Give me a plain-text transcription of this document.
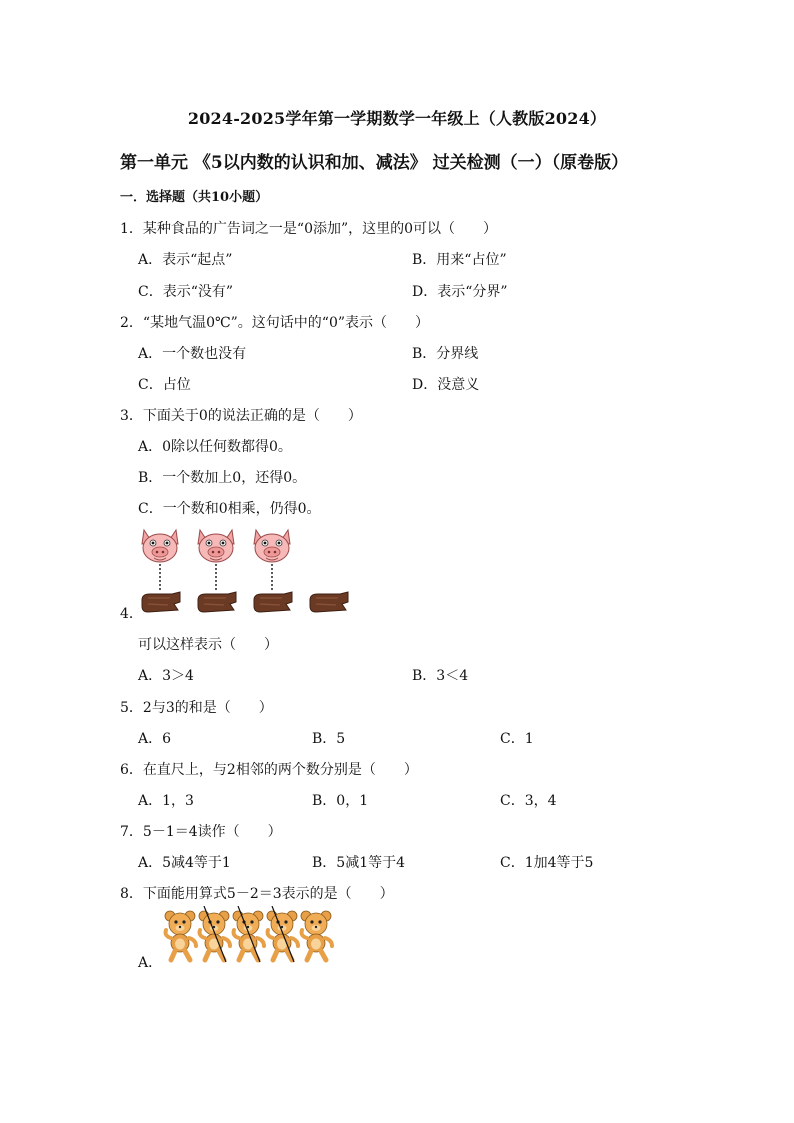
2024-2025学年第一学期数学一年级上（人教版2024）
第一单元 《5以内数的认识和加、减法》 过关检测（一）（原卷版）
一．选择题（共10小题）
1．某种食品的广告词之一是“0添加”，这里的0可以（　　）
A．表示“起点”	B．用来“占位”
C．表示“没有”	D．表示“分界”
2．“某地气温0℃”。这句话中的“0”表示（　　）
A．一个数也没有	B．分界线
C．占位	D．没意义
3．下面关于0的说法正确的是（　　）
A．0除以任何数都得0。
B．一个数加上0，还得0。
C．一个数和0相乘，仍得0。
4．
可以这样表示（　　）
A．3＞4	B．3＜4
5．2与3的和是（　　）
A．6	B．5	C．1
6．在直尺上，与2相邻的两个数分别是（　　）
A．1，3	B．0，1	C．3，4
7．5－1＝4读作（　　）
A．5减4等于1	B．5减1等于4	C．1加4等于5
8．下面能用算式5－2＝3表示的是（　　）
A．
